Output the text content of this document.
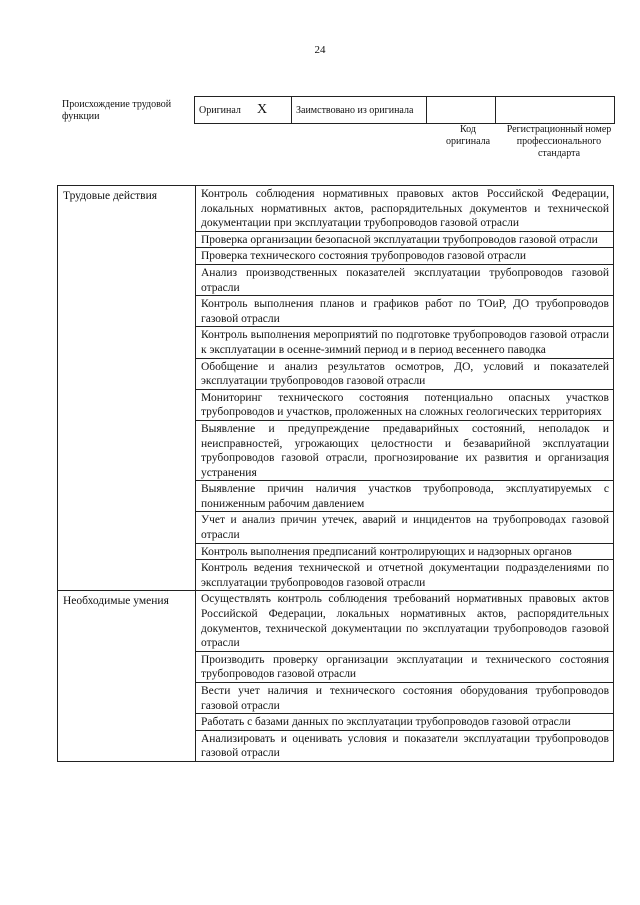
24
Происхождение трудовой функции
Оригинал X	Заимствовано из оригинала		
Код оригинала
Регистрационный номер профессионального стандарта
Трудовые действия	Контроль соблюдения нормативных правовых актов Российской Федерации, локальных нормативных актов, распорядительных документов и технической документации при эксплуатации трубопроводов газовой отрасли
	Проверка организации безопасной эксплуатации трубопроводов газовой отрасли
	Проверка технического состояния трубопроводов газовой отрасли
	Анализ производственных показателей эксплуатации трубопроводов газовой отрасли
	Контроль выполнения планов и графиков работ по ТОиР, ДО трубопроводов газовой отрасли
	Контроль выполнения мероприятий по подготовке трубопроводов газовой отрасли к эксплуатации в осенне-зимний период и в период весеннего паводка
	Обобщение и анализ результатов осмотров, ДО, условий и показателей эксплуатации трубопроводов газовой отрасли
	Мониторинг технического состояния потенциально опасных участков трубопроводов и участков, проложенных на сложных геологических территориях
	Выявление и предупреждение предаварийных состояний, неполадок и неисправностей, угрожающих целостности и безаварийной эксплуатации трубопроводов газовой отрасли, прогнозирование их развития и организация устранения
	Выявление причин наличия участков трубопровода, эксплуатируемых с пониженным рабочим давлением
	Учет и анализ причин утечек, аварий и инцидентов на трубопроводах газовой отрасли
	Контроль выполнения предписаний контролирующих и надзорных органов
	Контроль ведения технической и отчетной документации подразделениями по эксплуатации трубопроводов газовой отрасли
Необходимые умения	Осуществлять контроль соблюдения требований нормативных правовых актов Российской Федерации, локальных нормативных актов, распорядительных документов, технической документации по эксплуатации трубопроводов газовой отрасли
	Производить проверку организации эксплуатации и технического состояния трубопроводов газовой отрасли
	Вести учет наличия и технического состояния оборудования трубопроводов газовой отрасли
	Работать с базами данных по эксплуатации трубопроводов газовой отрасли
	Анализировать и оценивать условия и показатели эксплуатации трубопроводов газовой отрасли
